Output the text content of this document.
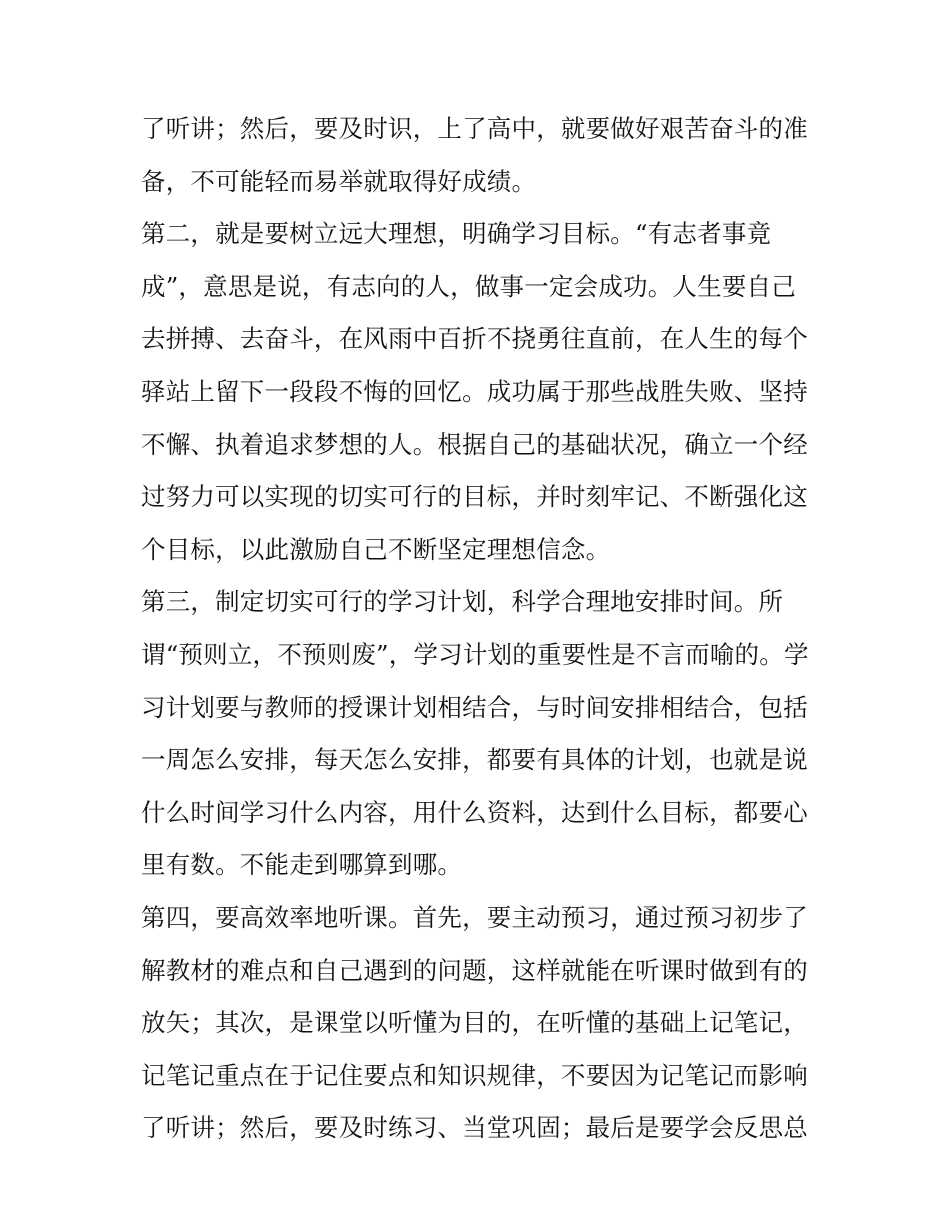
了听讲；然后，要及时识，上了高中，就要做好艰苦奋斗的准
备，不可能轻而易举就取得好成绩。
第二，就是要树立远大理想，明确学习目标。“有志者事竟
成”，意思是说，有志向的人，做事一定会成功。人生要自己
去拼搏、去奋斗，在风雨中百折不挠勇往直前，在人生的每个
驿站上留下一段段不悔的回忆。成功属于那些战胜失败、坚持
不懈、执着追求梦想的人。根据自己的基础状况，确立一个经
过努力可以实现的切实可行的目标，并时刻牢记、不断强化这
个目标，以此激励自己不断坚定理想信念。
第三，制定切实可行的学习计划，科学合理地安排时间。所
谓“预则立，不预则废”，学习计划的重要性是不言而喻的。学
习计划要与教师的授课计划相结合，与时间安排相结合，包括
一周怎么安排，每天怎么安排，都要有具体的计划，也就是说
什么时间学习什么内容，用什么资料，达到什么目标，都要心
里有数。不能走到哪算到哪。
第四，要高效率地听课。首先，要主动预习，通过预习初步了
解教材的难点和自己遇到的问题，这样就能在听课时做到有的
放矢；其次，是课堂以听懂为目的，在听懂的基础上记笔记，
记笔记重点在于记住要点和知识规律，不要因为记笔记而影响
了听讲；然后，要及时练习、当堂巩固；最后是要学会反思总
